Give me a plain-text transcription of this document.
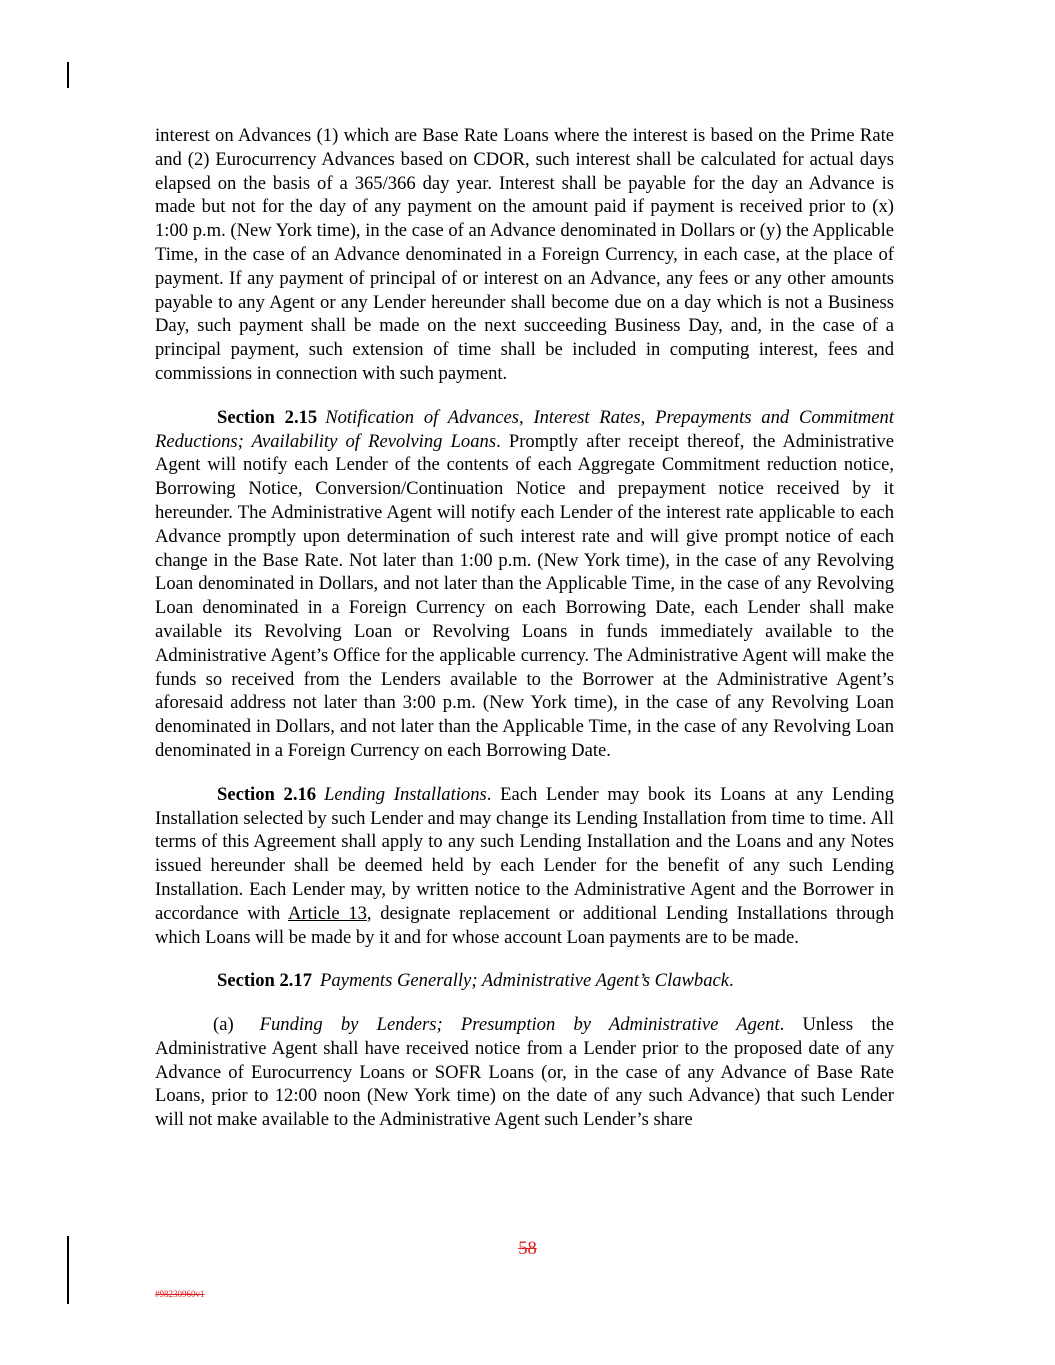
interest on Advances (1) which are Base Rate Loans where the interest is based on the Prime Rate and (2) Eurocurrency Advances based on CDOR, such interest shall be calculated for actual days elapsed on the basis of a 365/366 day year. Interest shall be payable for the day an Advance is made but not for the day of any payment on the amount paid if payment is received prior to (x) 1:00 p.m. (New York time), in the case of an Advance denominated in Dollars or (y) the Applicable Time, in the case of an Advance denominated in a Foreign Currency, in each case, at the place of payment. If any payment of principal of or interest on an Advance, any fees or any other amounts payable to any Agent or any Lender hereunder shall become due on a day which is not a Business Day, such payment shall be made on the next succeeding Business Day, and, in the case of a principal payment, such extension of time shall be included in computing interest, fees and commissions in connection with such payment.

Section 2.15 Notification of Advances, Interest Rates, Prepayments and Commitment Reductions; Availability of Revolving Loans. Promptly after receipt thereof, the Administrative Agent will notify each Lender of the contents of each Aggregate Commitment reduction notice, Borrowing Notice, Conversion/Continuation Notice and prepayment notice received by it hereunder. The Administrative Agent will notify each Lender of the interest rate applicable to each Advance promptly upon determination of such interest rate and will give prompt notice of each change in the Base Rate. Not later than 1:00 p.m. (New York time), in the case of any Revolving Loan denominated in Dollars, and not later than the Applicable Time, in the case of any Revolving Loan denominated in a Foreign Currency on each Borrowing Date, each Lender shall make available its Revolving Loan or Revolving Loans in funds immediately available to the Administrative Agent’s Office for the applicable currency. The Administrative Agent will make the funds so received from the Lenders available to the Borrower at the Administrative Agent’s aforesaid address not later than 3:00 p.m. (New York time), in the case of any Revolving Loan denominated in Dollars, and not later than the Applicable Time, in the case of any Revolving Loan denominated in a Foreign Currency on each Borrowing Date.

Section 2.16 Lending Installations. Each Lender may book its Loans at any Lending Installation selected by such Lender and may change its Lending Installation from time to time. All terms of this Agreement shall apply to any such Lending Installation and the Loans and any Notes issued hereunder shall be deemed held by each Lender for the benefit of any such Lending Installation. Each Lender may, by written notice to the Administrative Agent and the Borrower in accordance with Article 13, designate replacement or additional Lending Installations through which Loans will be made by it and for whose account Loan payments are to be made.

Section 2.17 Payments Generally; Administrative Agent’s Clawback.

(a) Funding by Lenders; Presumption by Administrative Agent. Unless the Administrative Agent shall have received notice from a Lender prior to the proposed date of any Advance of Eurocurrency Loans or SOFR Loans (or, in the case of any Advance of Base Rate Loans, prior to 12:00 noon (New York time) on the date of any such Advance) that such Lender will not make available to the Administrative Agent such Lender’s share

58
#98230960v1
